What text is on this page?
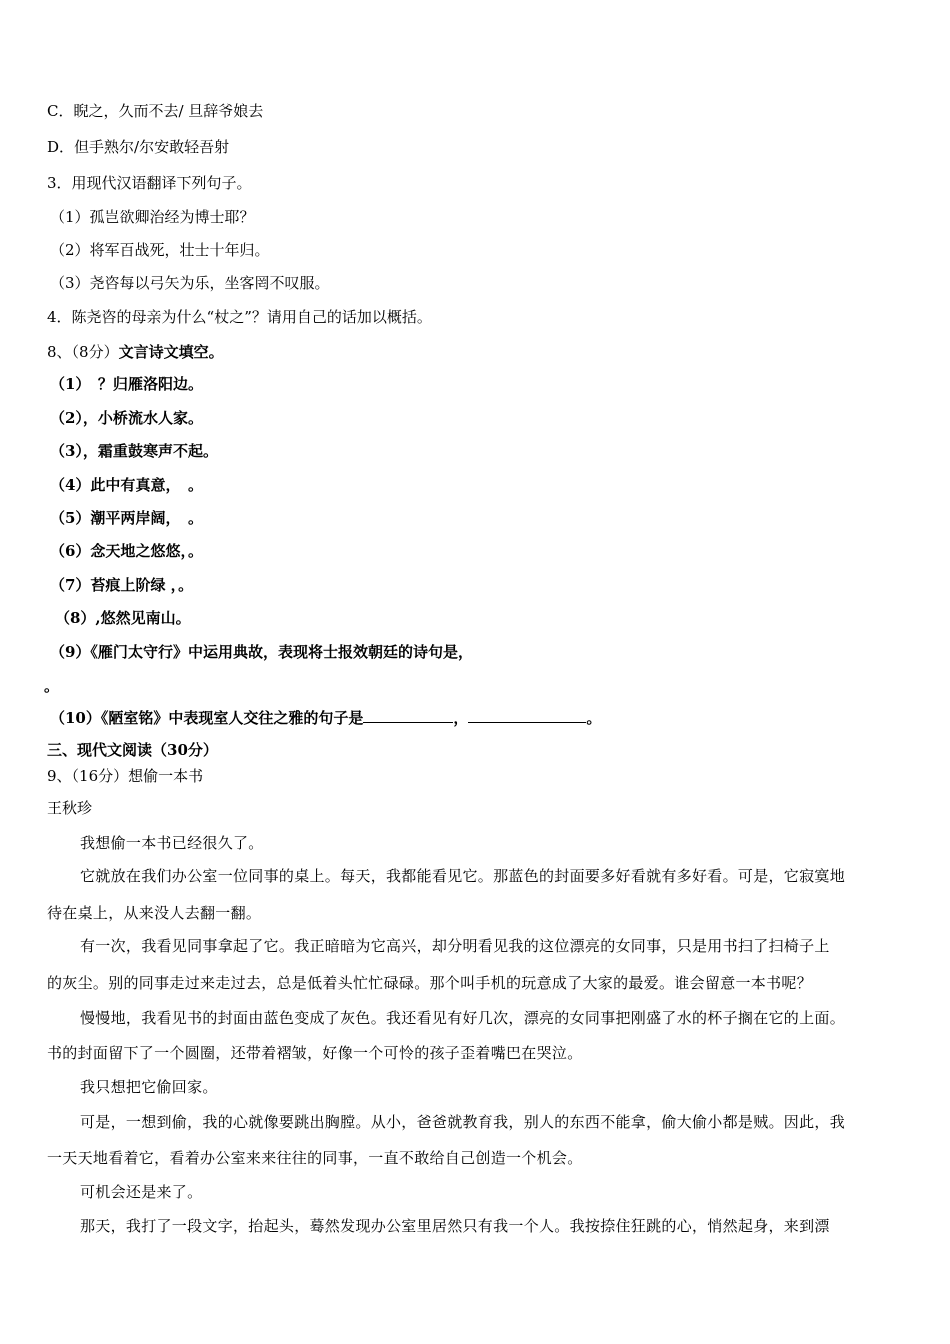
C．睨之，久而不去/ 旦辞爷娘去
D．但手熟尔/尔安敢轻吾射
3．用现代汉语翻译下列句子。
（1）孤岂欲卿治经为博士耶？
（2）将军百战死，壮士十年归。
（3）尧咨每以弓矢为乐，坐客罔不叹服。
4．陈尧咨的母亲为什么“杖之”？请用自己的话加以概括。
8、（8分）文言诗文填空。
（1）　？归雁洛阳边。
（2），小桥流水人家。
（3），霜重鼓寒声不起。
（4）此中有真意，　。
（5）潮平两岸阔，　。
（6）念天地之悠悠，。
（7）苔痕上阶绿 ，。
（8）,悠然见南山。
（9）《雁门太守行》中运用典故，表现将士报效朝廷的诗句是，
。
（10）《陋室铭》中表现室人交往之雅的句子是	，	。
三、现代文阅读（30分）
9、（16分）想偷一本书
王秋珍
我想偷一本书已经很久了。
它就放在我们办公室一位同事的桌上。每天，我都能看见它。那蓝色的封面要多好看就有多好看。可是，它寂寞地
待在桌上，从来没人去翻一翻。
有一次，我看见同事拿起了它。我正暗暗为它高兴，却分明看见我的这位漂亮的女同事，只是用书扫了扫椅子上
的灰尘。别的同事走过来走过去，总是低着头忙忙碌碌。那个叫手机的玩意成了大家的最爱。谁会留意一本书呢？
慢慢地，我看见书的封面由蓝色变成了灰色。我还看见有好几次，漂亮的女同事把刚盛了水的杯子搁在它的上面。
书的封面留下了一个圆圈，还带着褶皱，好像一个可怜的孩子歪着嘴巴在哭泣。
我只想把它偷回家。
可是，一想到偷，我的心就像要跳出胸膛。从小，爸爸就教育我，别人的东西不能拿，偷大偷小都是贼。因此，我
一天天地看着它，看着办公室来来往往的同事，一直不敢给自己创造一个机会。
可机会还是来了。
那天，我打了一段文字，抬起头，蓦然发现办公室里居然只有我一个人。我按捺住狂跳的心，悄然起身，来到漂
